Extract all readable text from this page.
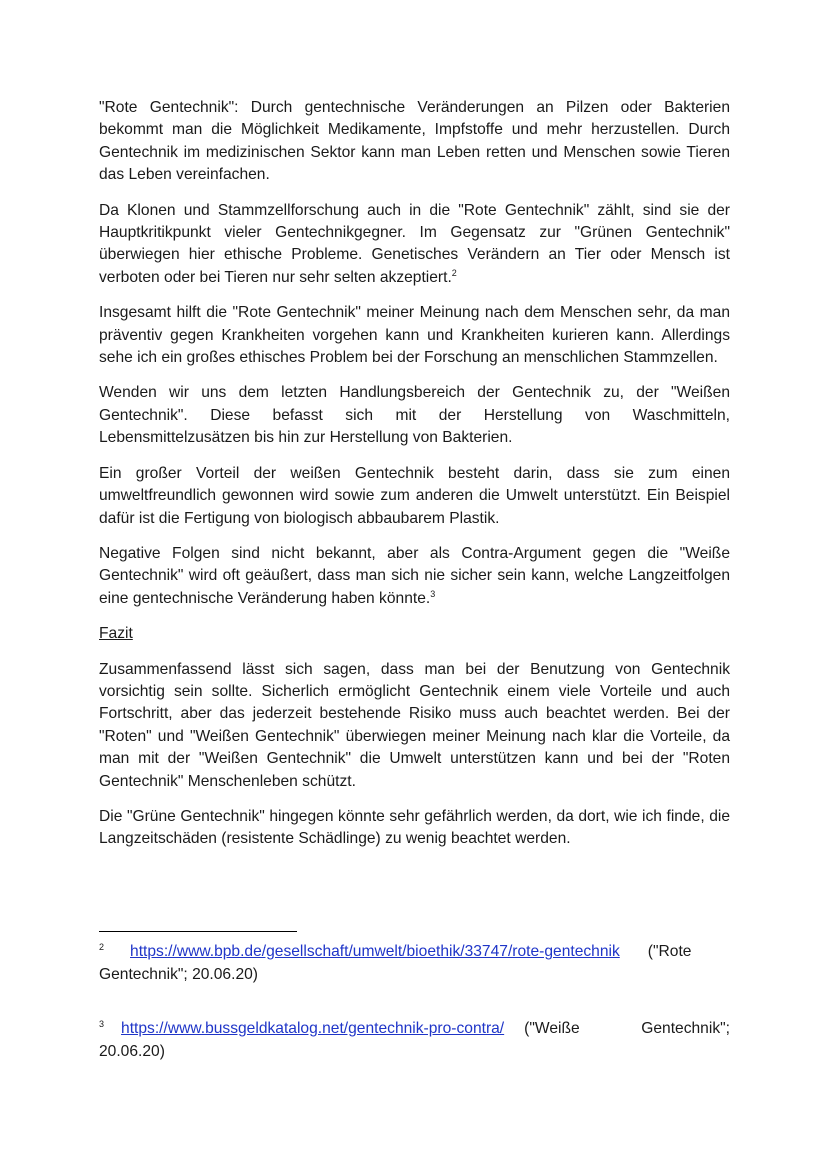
"Rote Gentechnik": Durch gentechnische Veränderungen an Pilzen oder Bakterien bekommt man die Möglichkeit Medikamente, Impfstoffe und mehr herzustellen. Durch Gentechnik im medizinischen Sektor kann man Leben retten und Menschen sowie Tieren das Leben vereinfachen.

Da Klonen und Stammzellforschung auch in die "Rote Gentechnik" zählt, sind sie der Hauptkritikpunkt vieler Gentechnikgegner. Im Gegensatz zur "Grünen Gentechnik" überwiegen hier ethische Probleme. Genetisches Verändern an Tier oder Mensch ist verboten oder bei Tieren nur sehr selten akzeptiert.$^2$

Insgesamt hilft die "Rote Gentechnik" meiner Meinung nach dem Menschen sehr, da man präventiv gegen Krankheiten vorgehen kann und Krankheiten kurieren kann. Allerdings sehe ich ein großes ethisches Problem bei der Forschung an menschlichen Stammzellen.

Wenden wir uns dem letzten Handlungsbereich der Gentechnik zu, der "Weißen Gentechnik". Diese befasst sich mit der Herstellung von Waschmitteln, Lebensmittelzusätzen bis hin zur Herstellung von Bakterien.

Ein großer Vorteil der weißen Gentechnik besteht darin, dass sie zum einen umweltfreundlich gewonnen wird sowie zum anderen die Umwelt unterstützt. Ein Beispiel dafür ist die Fertigung von biologisch abbaubarem Plastik.

Negative Folgen sind nicht bekannt, aber als Contra-Argument gegen die "Weiße Gentechnik" wird oft geäußert, dass man sich nie sicher sein kann, welche Langzeitfolgen eine gentechnische Veränderung haben könnte.$^3$

Fazit

Zusammenfassend lässt sich sagen, dass man bei der Benutzung von Gentechnik vorsichtig sein sollte. Sicherlich ermöglicht Gentechnik einem viele Vorteile und auch Fortschritt, aber das jederzeit bestehende Risiko muss auch beachtet werden. Bei der "Roten" und "Weißen Gentechnik" überwiegen meiner Meinung nach klar die Vorteile, da man mit der "Weißen Gentechnik" die Umwelt unterstützen kann und bei der "Roten Gentechnik" Menschenleben schützt.

Die "Grüne Gentechnik" hingegen könnte sehr gefährlich werden, da dort, wie ich finde, die Langzeitschäden (resistente Schädlinge) zu wenig beachtet werden.

$^2$ https://www.bpb.de/gesellschaft/umwelt/bioethik/33747/rote-gentechnik ("Rote Gentechnik"; 20.06.20)
$^3$ https://www.bussgeldkatalog.net/gentechnik-pro-contra/ ("Weiße Gentechnik"; 20.06.20)
